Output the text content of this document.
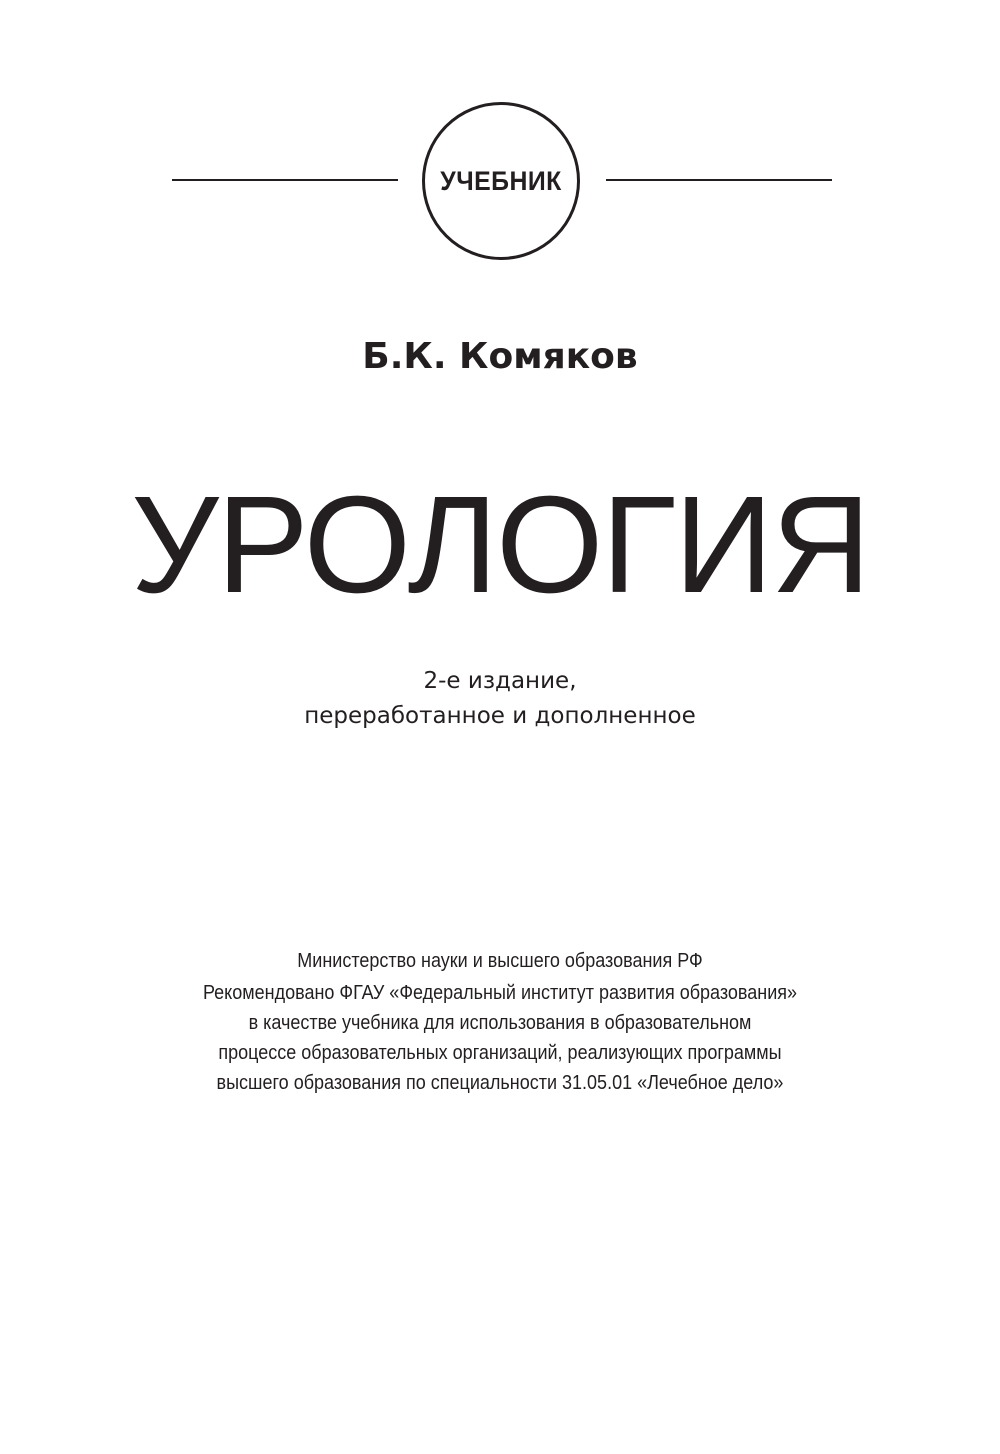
УЧЕБНИК
Б.К. Комяков
УРОЛОГИЯ
2-е издание,
переработанное и дополненное
Министерство науки и высшего образования РФ
Рекомендовано ФГАУ «Федеральный институт развития образования»
в качестве учебника для использования в образовательном
процессе образовательных организаций, реализующих программы
высшего образования по специальности 31.05.01 «Лечебное дело»
